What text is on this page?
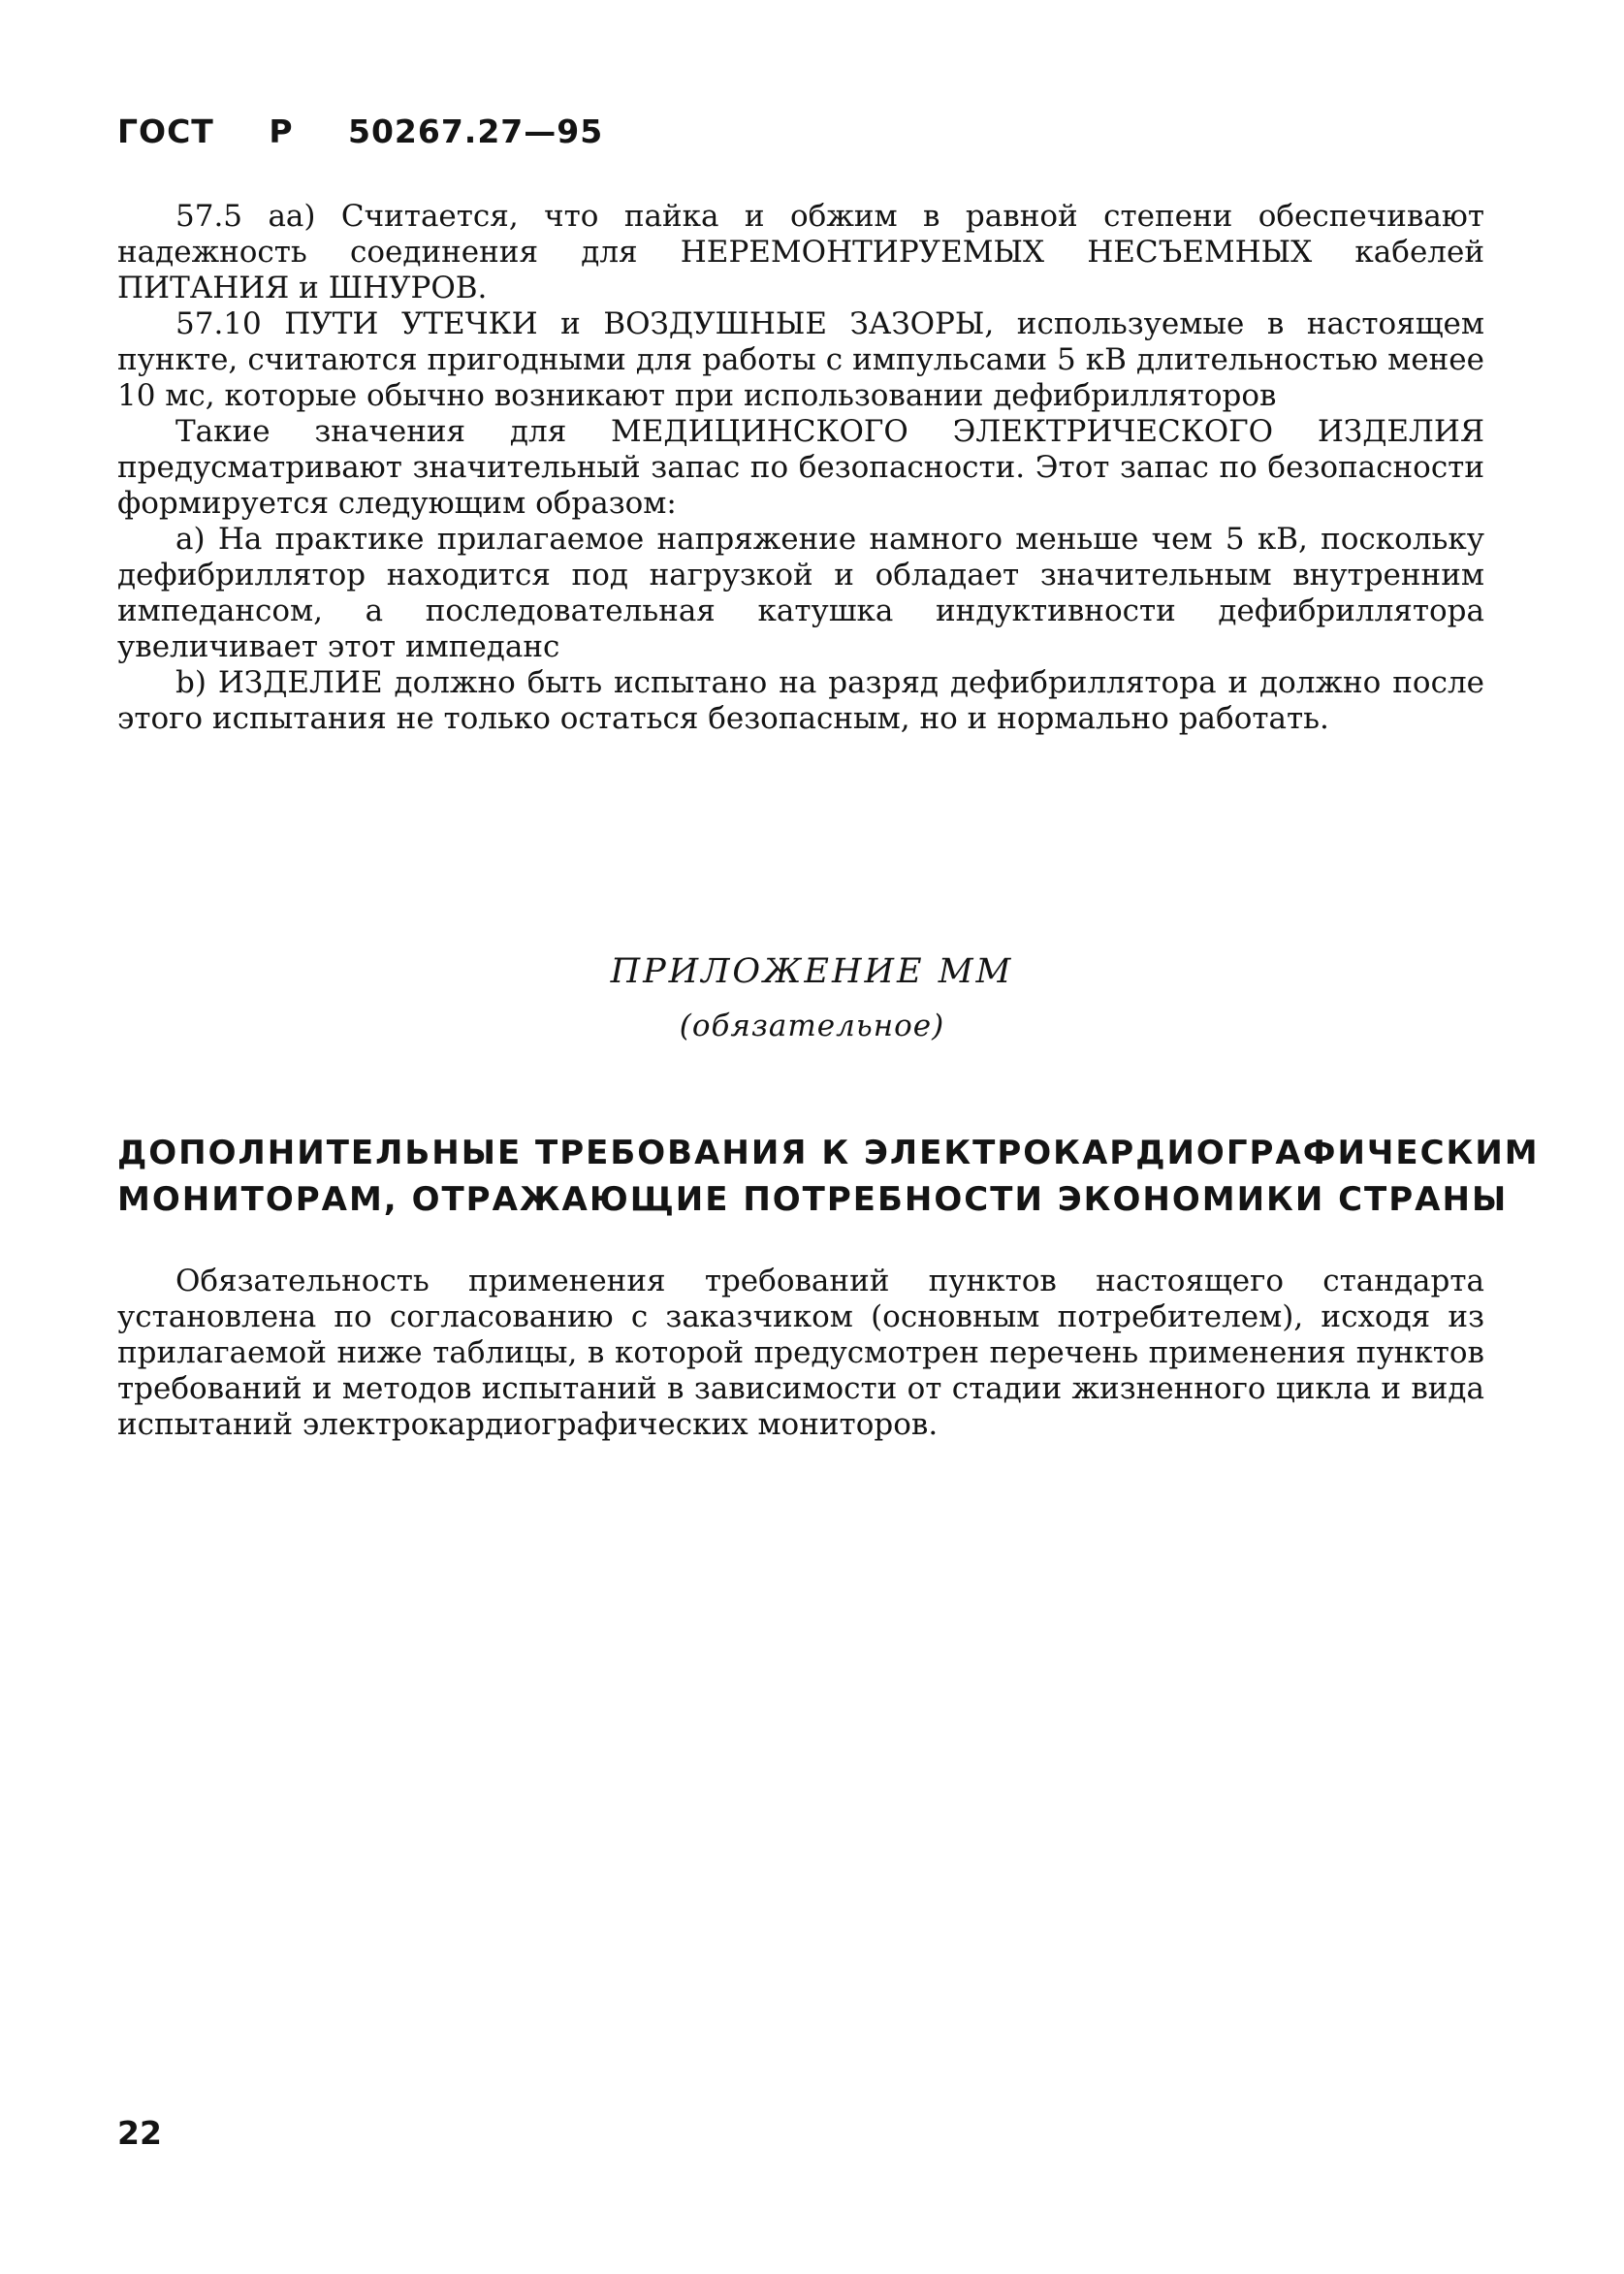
ГОСТ Р 50267.27—95

57.5 аа) Считается, что пайка и обжим в равной степени обеспечивают надежность соединения для НЕРЕМОНТИРУЕМЫХ НЕСЪЕМНЫХ кабелей ПИТАНИЯ и ШНУРОВ.

57.10 ПУТИ УТЕЧКИ и ВОЗДУШНЫЕ ЗАЗОРЫ, используемые в настоящем пункте, считаются пригодными для работы с импульсами 5 кВ длительностью менее 10 мс, которые обычно возникают при использовании дефибрилляторов

Такие значения для МЕДИЦИНСКОГО ЭЛЕКТРИЧЕСКОГО ИЗДЕЛИЯ предусматривают значительный запас по безопасности. Этот запас по безопасности формируется следующим образом:

а) На практике прилагаемое напряжение намного меньше чем 5 кВ, поскольку дефибриллятор находится под нагрузкой и обладает значительным внутренним импедансом, а последовательная катушка индуктивности дефибриллятора увеличивает этот импеданс

b) ИЗДЕЛИЕ должно быть испытано на разряд дефибриллятора и должно после этого испытания не только остаться безопасным, но и нормально работать.

ПРИЛОЖЕНИЕ ММ
(обязательное)
ДОПОЛНИТЕЛЬНЫЕ ТРЕБОВАНИЯ К ЭЛЕКТРОКАРДИОГРАФИЧЕСКИМ
МОНИТОРАМ, ОТРАЖАЮЩИЕ ПОТРЕБНОСТИ ЭКОНОМИКИ СТРАНЫ

Обязательность применения требований пунктов настоящего стандарта установлена по согласованию с заказчиком (основным потребителем), исходя из прилагаемой ниже таблицы, в которой предусмотрен перечень применения пунктов требований и методов испытаний в зависимости от стадии жизненного цикла и вида испытаний электрокардиографических мониторов.

22
